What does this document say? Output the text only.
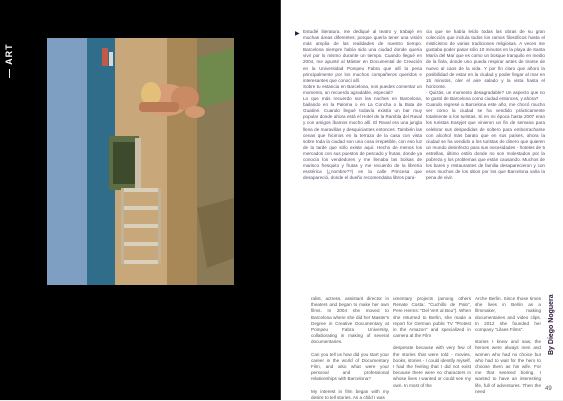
— ART
▶ Estudié literatura, me dediqué al teatro y trabajé en muchas áreas diferentes; porque quería tener una visión más amplia de las realidades de nuestro tiempo. Barcelona siempre había sido una ciudad donde quería vivir por lo mismo durante un tiempo. Cuando llegué en 2004, me apunté al Máster en Documental de Creación en la Universidad Pompeu Fabra que allí la pena principalmente por los muchos compañeros queridos e interesantes que conocí allí.

Sobre tu estancia en Barcelona, nos puedes comentar un momento, un recuerdo agradable, especial?

Lo que más recuerdo son las noches en Barcelona, bailando en la Paloma o en La Concha o la Bata de Guatiné. Cuando llegué todavía existía un bar muy popular donde ahora está el Hotel de la Rambla del Raval y con amigos íbamos mucho allí. El Raval era una jungla llena de maravillas y desquiciantes entonces. También las cenas que hicimos en la terraza de la casa con vista sobre toda la ciudad son una cosa irrepetible, con eso luz de la tarde que sólo existe aquí. Hecho de menos los mercados con sus puestos de pescado y frutas, donde ya conocía los vendedores y me llenaba las bolsas de marisco fresquito y frutas y me recuerdo de la librería esotérica (¿nombre??) en la calle Princesa que desapareció, donde el dueño recomendaba libros para-

cia que se había leído todas las obras de su gran colección que incluía todos los ramos filosóficos hasta el misticismo de varias tradiciones religiosas. A veces me gustaba poder pasar sólo 10 minutos en la playa de Santa María del Mar que es como un bosque tranquilo en medio de la fiola, donde uno pueda respirar antes de tirarse de nuevo al caos de la vida. Y por fin claro que añoro la posibilidad de estar en la ciudad y poder llegar al mar en 15 minutos, oler el aire salado y la vista hasta el horizonte.

- Quizás, un momento desagradable? Un aspecto que no te gustó de Barcelona como ciudad entonces, y ahora?

Cuando regresé a Barcelona este año, me chocó mucho ver como la ciudad se ha vendido prácticamente totalmente a los turistas. Si en mi época hasta 2007 eran los turistas Easyjet que vinieron un fin de semana para celebrar sus despedidas de soltero para emborracharse con alcohol más barato que en sus países, ahora la ciudad se ha vendido a los turistas de dinero que quieren un mundo desinfecto para sus necesidades - hoteles de 5 estrellas, último estilo donde no son molestados por la pobreza y los problemas que están causando. Muchos de los bares y restaurantes de familia desaparecieron y con esos muchos de los sitios por los que Barcelona valía la pena de vivir.

ralist, actress, assistant director in theaters and began to make her own films. In 2004 she moved to Barcelona where she did her Master's Degree in Creative Documentary at Pompeu Fabra University, collaborating in making of several documentaries.

Can you tell us how did you start your career in the world of Documentary Film, and also what were your personal and professional relationships with Barcelona?

My interest in film began with my desire to tell stories. As a child I was

umentary projects (among others Renate Costa: "Cuchillo de Palo", Pere Herms: "Del Vert al Bou"). When she returned to Berlin, she made a report for German public TV "Protest in the Amazon" and specialized in camera at the Film

desperate because with very few of the stories that were told - movies, books, stories - I could identify myself. I had the feeling that I did not exist because there were no characters in whose lives I wanted or could see my own. In most of the

Arche Berlin. Since those times she lives in Berlin as a filmmaker, making documentaries and video clips. In 2012 she founded her company "Lilaes Films".

stories I knew and saw, the heroes were always men and women who had no choice but who had to wait for the hero to choose them as his wife. For me that seemed boring. I wanted to have an interesting life, full of adventures. Then the need

By Diego Noguera
49
